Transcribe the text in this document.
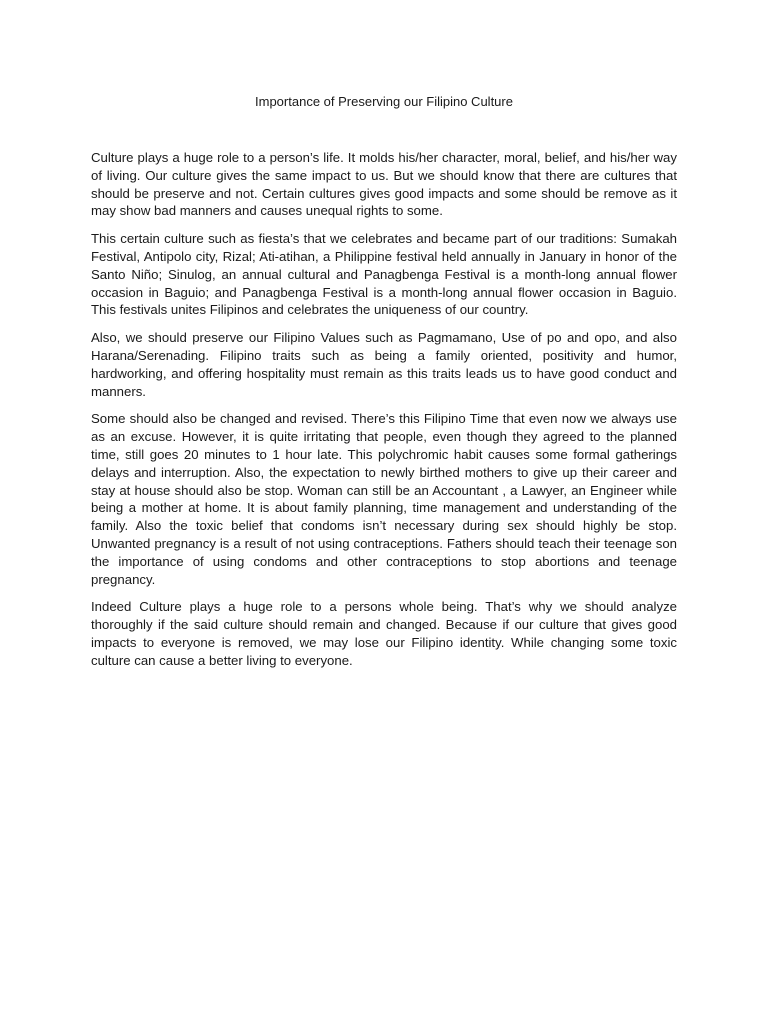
Importance of Preserving our Filipino Culture

Culture plays a huge role to a person’s life. It molds his/her character, moral, belief, and his/her way of living. Our culture gives the same impact to us. But we should know that there are cultures that should be preserve and not. Certain cultures gives good impacts and some should be remove as it may show bad manners and causes unequal rights to some.

This certain culture such as fiesta’s that we celebrates and became part of our traditions: Sumakah Festival, Antipolo city, Rizal; Ati-atihan, a Philippine festival held annually in January in honor of the Santo Niño; Sinulog, an annual cultural and Panagbenga Festival is a month-long annual flower occasion in Baguio; and Panagbenga Festival is a month-long annual flower occasion in Baguio. This festivals unites Filipinos and celebrates the uniqueness of our country.

Also, we should preserve our Filipino Values such as Pagmamano, Use of po and opo, and also Harana/Serenading. Filipino traits such as being a family oriented, positivity and humor, hardworking, and offering hospitality must remain as this traits leads us to have good conduct and manners.

Some should also be changed and revised. There’s this Filipino Time that even now we always use as an excuse. However, it is quite irritating that people, even though they agreed to the planned time, still goes 20 minutes to 1 hour late. This polychromic habit causes some formal gatherings delays and interruption. Also, the expectation to newly birthed mothers to give up their career and stay at house should also be stop. Woman can still be an Accountant , a Lawyer, an Engineer while being a mother at home. It is about family planning, time management and understanding of the family. Also the toxic belief that condoms isn’t necessary during sex should highly be stop. Unwanted pregnancy is a result of not using contraceptions. Fathers should teach their teenage son the importance of using condoms and other contraceptions to stop abortions and teenage pregnancy.

Indeed Culture plays a huge role to a persons whole being. That’s why we should analyze thoroughly if the said culture should remain and changed. Because if our culture that gives good impacts to everyone is removed, we may lose our Filipino identity. While changing some toxic culture can cause a better living to everyone.
